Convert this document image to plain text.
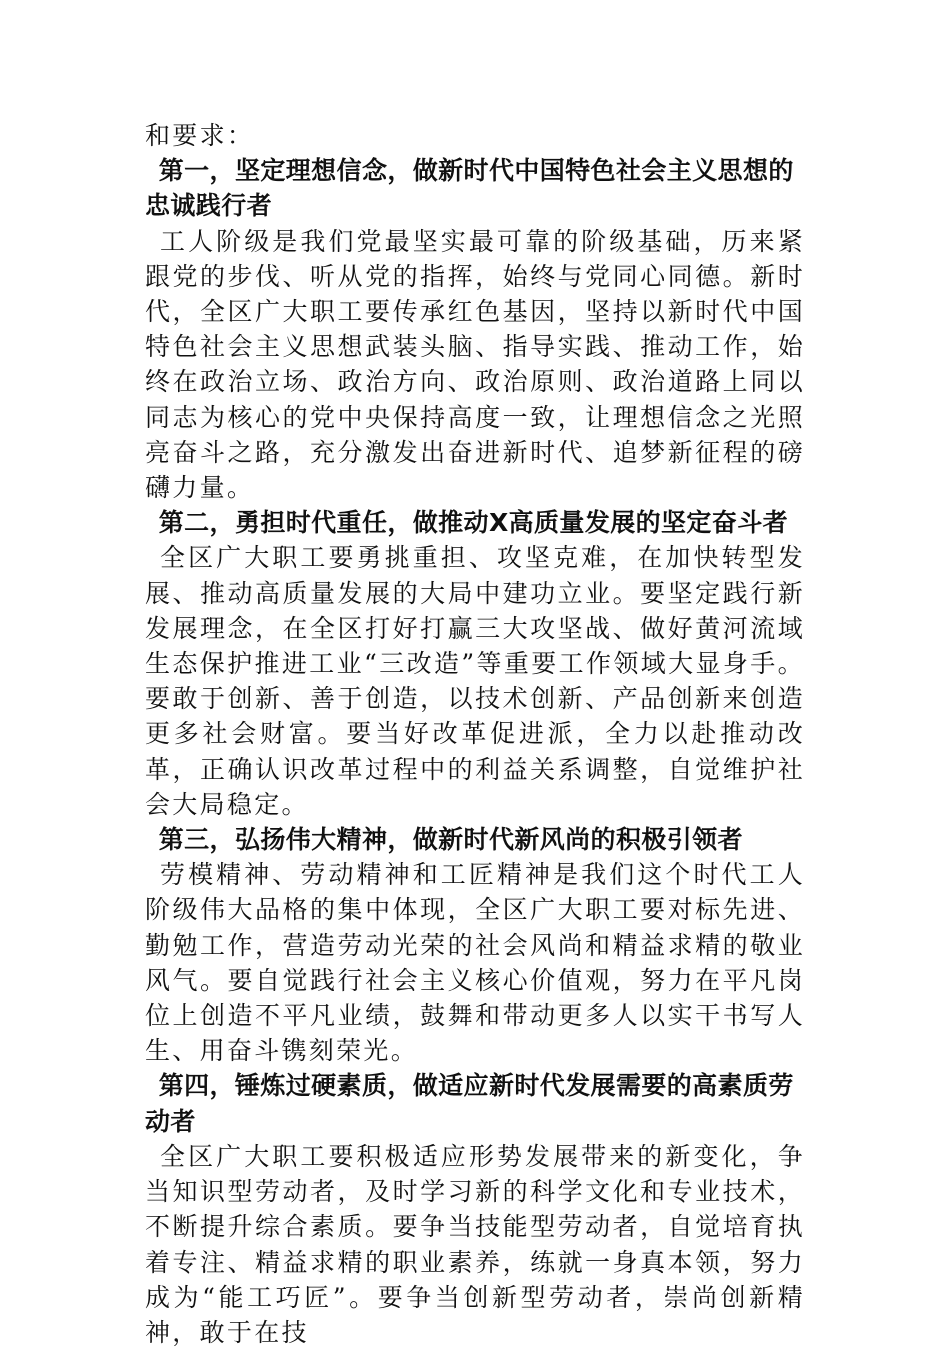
和要求：

第一，坚定理想信念，做新时代中国特色社会主义思想的忠诚践行者

工人阶级是我们党最坚实最可靠的阶级基础，历来紧跟党的步伐、听从党的指挥，始终与党同心同德。新时代，全区广大职工要传承红色基因，坚持以新时代中国特色社会主义思想武装头脑、指导实践、推动工作，始终在政治立场、政治方向、政治原则、政治道路上同以同志为核心的党中央保持高度一致，让理想信念之光照亮奋斗之路，充分激发出奋进新时代、追梦新征程的磅礴力量。

第二，勇担时代重任，做推动X高质量发展的坚定奋斗者

全区广大职工要勇挑重担、攻坚克难，在加快转型发展、推动高质量发展的大局中建功立业。要坚定践行新发展理念，在全区打好打赢三大攻坚战、做好黄河流域生态保护推进工业“三改造”等重要工作领域大显身手。要敢于创新、善于创造，以技术创新、产品创新来创造更多社会财富。要当好改革促进派，全力以赴推动改革，正确认识改革过程中的利益关系调整，自觉维护社会大局稳定。

第三，弘扬伟大精神，做新时代新风尚的积极引领者

劳模精神、劳动精神和工匠精神是我们这个时代工人阶级伟大品格的集中体现，全区广大职工要对标先进、勤勉工作，营造劳动光荣的社会风尚和精益求精的敬业风气。要自觉践行社会主义核心价值观，努力在平凡岗位上创造不平凡业绩，鼓舞和带动更多人以实干书写人生、用奋斗镌刻荣光。

第四，锤炼过硬素质，做适应新时代发展需要的高素质劳动者

全区广大职工要积极适应形势发展带来的新变化，争当知识型劳动者，及时学习新的科学文化和专业技术，不断提升综合素质。要争当技能型劳动者，自觉培育执着专注、精益求精的职业素养，练就一身真本领，努力成为“能工巧匠”。要争当创新型劳动者，崇尚创新精神，敢于在技
